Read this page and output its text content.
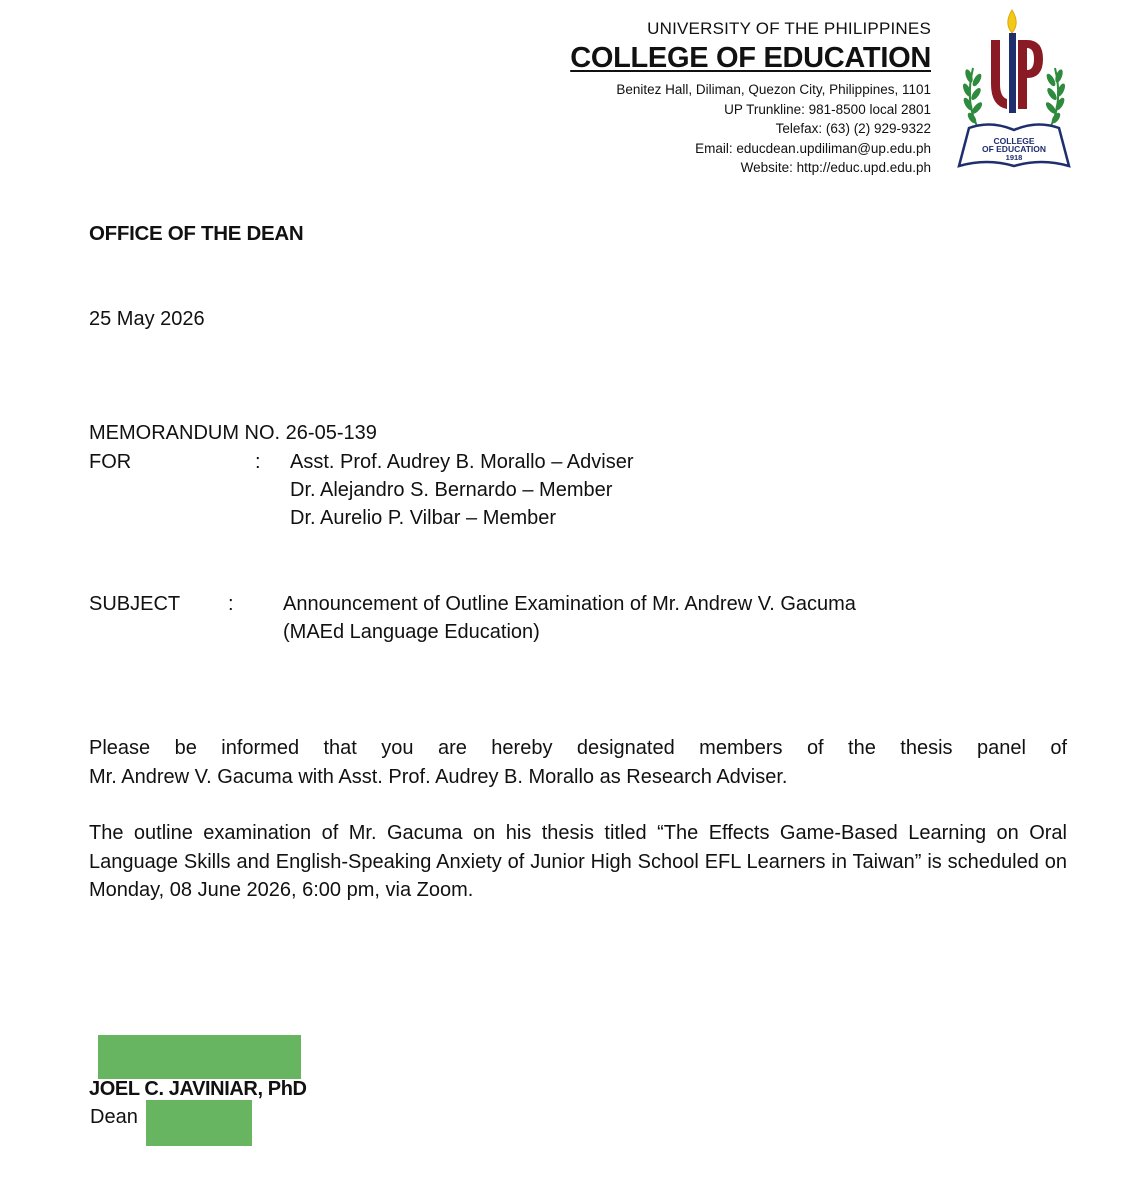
UNIVERSITY OF THE PHILIPPINES
COLLEGE OF EDUCATION
Benitez Hall, Diliman, Quezon City, Philippines, 1101
UP Trunkline: 981-8500 local 2801
Telefax: (63) (2) 929-9322
Email: educdean.updiliman@up.edu.ph
Website: http://educ.upd.edu.ph
COLLEGE
OF EDUCATION
1918
OFFICE OF THE DEAN
25 May 2026
MEMORANDUM NO. 26-05-139
FOR	: Asst. Prof. Audrey B. Morallo – Adviser
Dr. Alejandro S. Bernardo – Member
Dr. Aurelio P. Vilbar – Member
SUBJECT : Announcement of Outline Examination of Mr. Andrew V. Gacuma
(MAEd Language Education)
Please be informed that you are hereby designated members of the thesis panel of
Mr. Andrew V. Gacuma with Asst. Prof. Audrey B. Morallo as Research Adviser.
The outline examination of Mr. Gacuma on his thesis titled “The Effects Game-Based Learning on Oral Language Skills and English-Speaking Anxiety of Junior High School EFL Learners in Taiwan” is scheduled on Monday, 08 June 2026, 6:00 pm, via Zoom.
JOEL C. JAVINIAR, PhD
Dean
